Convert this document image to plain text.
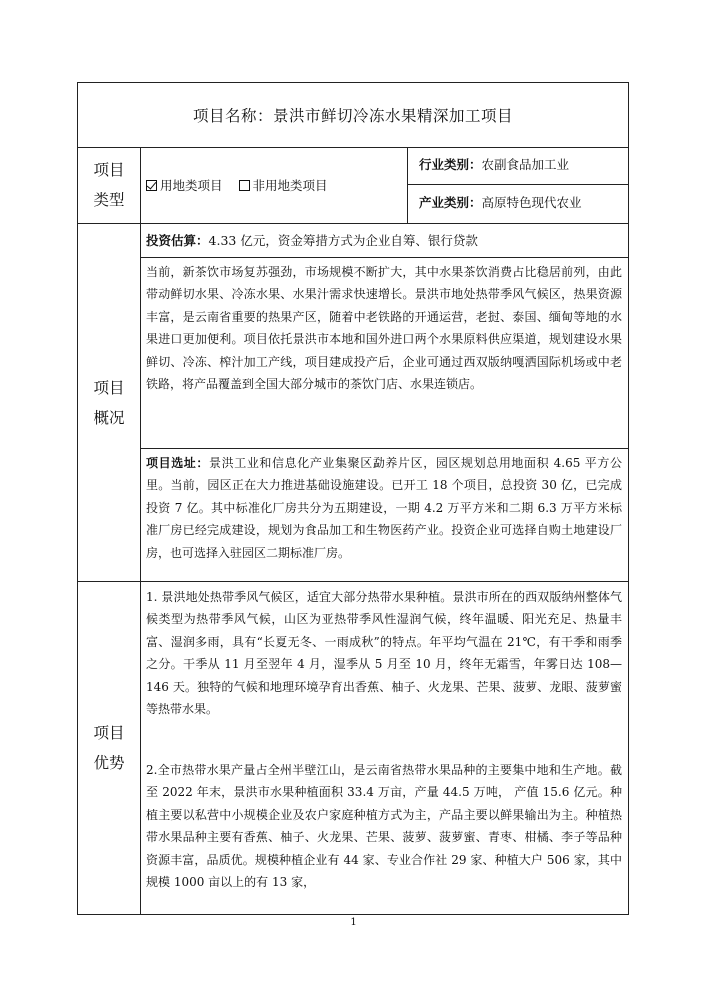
项目名称：景洪市鲜切冷冻水果精深加工项目
项目
类型
用地类项目 非用地类项目
行业类别：农副食品加工业
产业类别：高原特色现代农业
项目
概况
投资估算：4.33 亿元，资金筹措方式为企业自筹、银行贷款
当前，新茶饮市场复苏强劲，市场规模不断扩大，其中水果茶饮消费占比稳居前列，由此带动鲜切水果、冷冻水果、水果汁需求快速增长。景洪市地处热带季风气候区，热果资源丰富，是云南省重要的热果产区，随着中老铁路的开通运营，老挝、泰国、缅甸等地的水果进口更加便利。项目依托景洪市本地和国外进口两个水果原料供应渠道，规划建设水果鲜切、冷冻、榨汁加工产线，项目建成投产后，企业可通过西双版纳嘎洒国际机场或中老铁路，将产品覆盖到全国大部分城市的茶饮门店、水果连锁店。
项目选址：景洪工业和信息化产业集聚区勐养片区，园区规划总用地面积 4.65 平方公里。当前，园区正在大力推进基础设施建设。已开工 18 个项目，总投资 30 亿，已完成投资 7 亿。其中标准化厂房共分为五期建设，一期 4.2 万平方米和二期 6.3 万平方米标准厂房已经完成建设，规划为食品加工和生物医药产业。投资企业可选择自购土地建设厂房，也可选择入驻园区二期标准厂房。
项目
优势
1. 景洪地处热带季风气候区，适宜大部分热带水果种植。景洪市所在的西双版纳州整体气候类型为热带季风气候，山区为亚热带季风性湿润气候，终年温暖、阳光充足、热量丰富、湿润多雨，具有“长夏无冬、一雨成秋”的特点。年平均气温在 21℃，有干季和雨季之分。干季从 11 月至翌年 4 月，湿季从 5 月至 10 月，终年无霜雪，年雾日达 108—146 天。独特的气候和地理环境孕育出香蕉、柚子、火龙果、芒果、菠萝、龙眼、菠萝蜜等热带水果。
2.全市热带水果产量占全州半壁江山，是云南省热带水果品种的主要集中地和生产地。截至 2022 年末，景洪市水果种植面积 33.4 万亩，产量 44.5 万吨， 产值 15.6 亿元。种植主要以私营中小规模企业及农户家庭种植方式为主，产品主要以鲜果输出为主。种植热带水果品种主要有香蕉、柚子、火龙果、芒果、菠萝、菠萝蜜、青枣、柑橘、李子等品种资源丰富，品质优。规模种植企业有 44 家、专业合作社 29 家、种植大户 506 家，其中规模 1000 亩以上的有 13 家，
1
